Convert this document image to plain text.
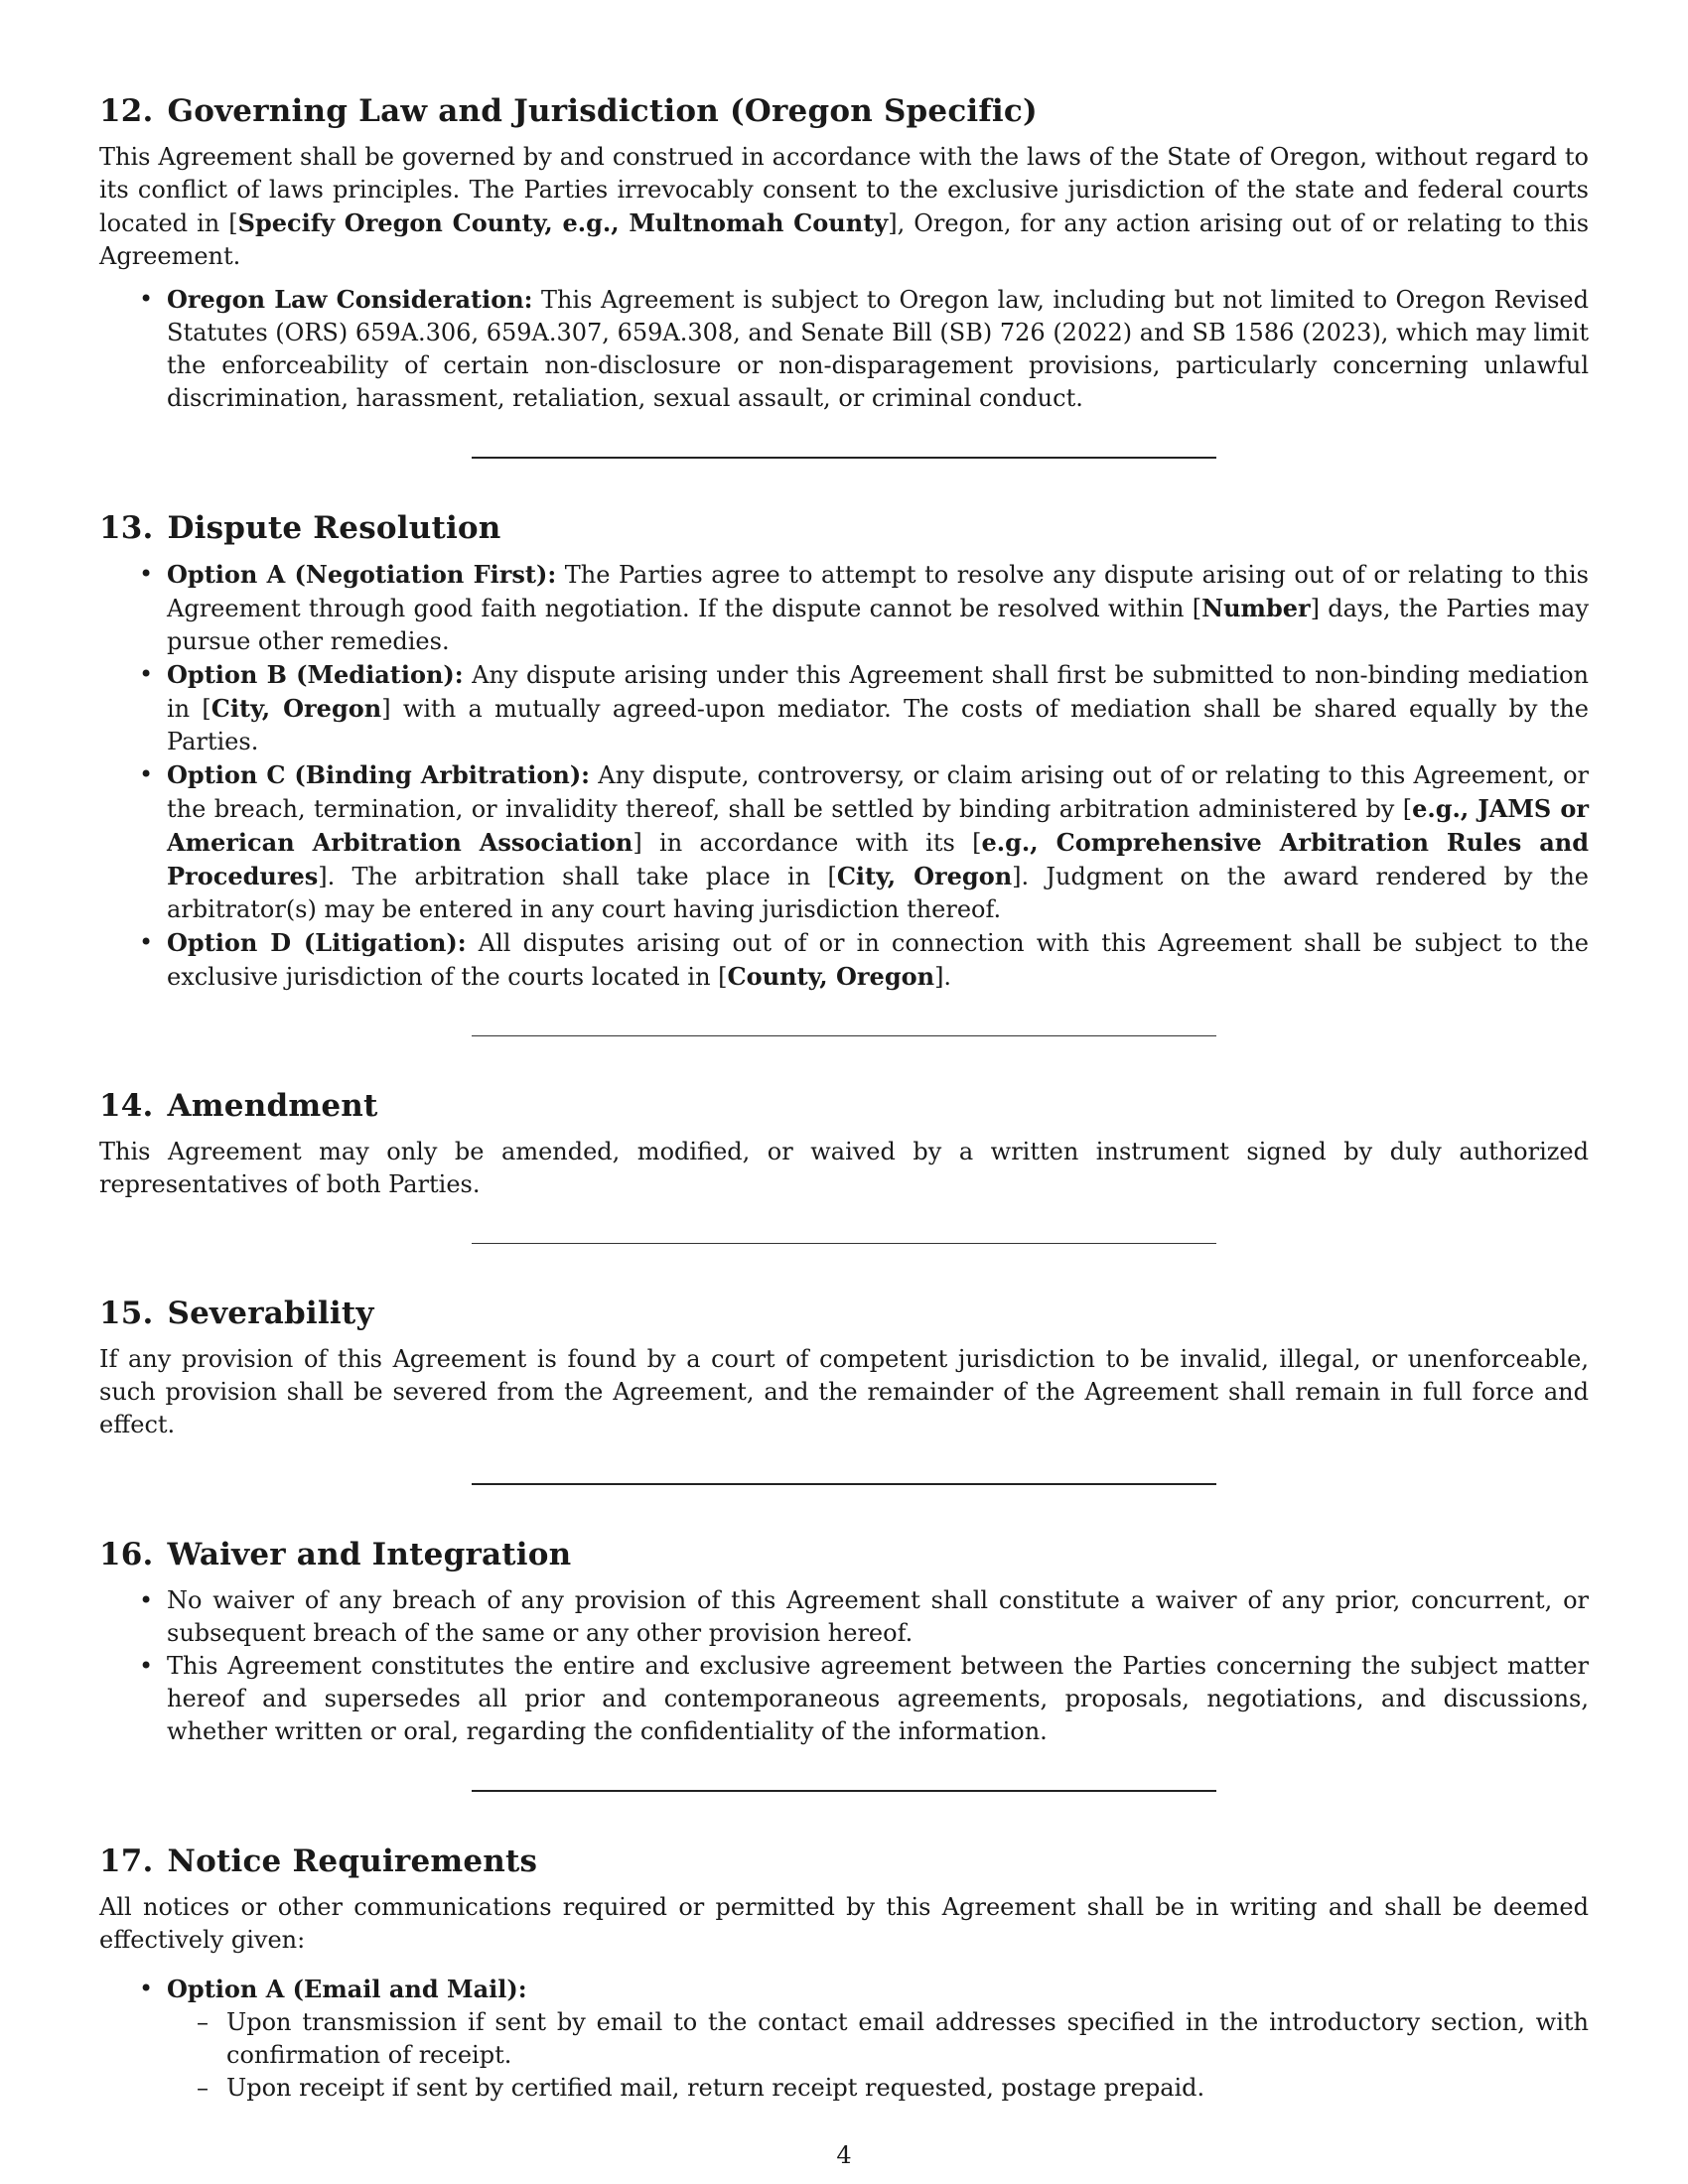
12. Governing Law and Jurisdiction (Oregon Specific)

This Agreement shall be governed by and construed in accordance with the laws of the State of Oregon, without regard to its conflict of laws principles. The Parties irrevocably consent to the exclusive jurisdiction of the state and federal courts located in [Specify Oregon County, e.g., Multnomah County], Oregon, for any action arising out of or relating to this Agreement.

• Oregon Law Consideration: This Agreement is subject to Oregon law, including but not limited to Oregon Revised Statutes (ORS) 659A.306, 659A.307, 659A.308, and Senate Bill (SB) 726 (2022) and SB 1586 (2023), which may limit the enforceability of certain non-disclosure or non-disparagement provisions, particularly concerning unlawful discrimination, harassment, retaliation, sexual assault, or criminal conduct.
13. Dispute Resolution
• Option A (Negotiation First): The Parties agree to attempt to resolve any dispute arising out of or relating to this Agreement through good faith negotiation. If the dispute cannot be resolved within [Number] days, the Parties may pursue other remedies.
• Option B (Mediation): Any dispute arising under this Agreement shall first be submitted to non-binding mediation in [City, Oregon] with a mutually agreed-upon mediator. The costs of mediation shall be shared equally by the Parties.
• Option C (Binding Arbitration): Any dispute, controversy, or claim arising out of or relating to this Agreement, or the breach, termination, or invalidity thereof, shall be settled by binding arbitration administered by [e.g., JAMS or American Arbitration Association] in accordance with its [e.g., Comprehensive Arbitration Rules and Procedures]. The arbitration shall take place in [City, Oregon]. Judgment on the award rendered by the arbitrator(s) may be entered in any court having jurisdiction thereof.
• Option D (Litigation): All disputes arising out of or in connection with this Agreement shall be subject to the exclusive jurisdiction of the courts located in [County, Oregon].
14. Amendment

This Agreement may only be amended, modified, or waived by a written instrument signed by duly authorized representatives of both Parties.

15. Severability

If any provision of this Agreement is found by a court of competent jurisdiction to be invalid, illegal, or unenforceable, such provision shall be severed from the Agreement, and the remainder of the Agreement shall remain in full force and effect.

16. Waiver and Integration
• No waiver of any breach of any provision of this Agreement shall constitute a waiver of any prior, concurrent, or subsequent breach of the same or any other provision hereof.
• This Agreement constitutes the entire and exclusive agreement between the Parties concerning the subject matter hereof and supersedes all prior and contemporaneous agreements, proposals, negotiations, and discussions, whether written or oral, regarding the confidentiality of the information.
17. Notice Requirements

All notices or other communications required or permitted by this Agreement shall be in writing and shall be deemed effectively given:

• Option A (Email and Mail):
– Upon transmission if sent by email to the contact email addresses specified in the introductory section, with confirmation of receipt.
– Upon receipt if sent by certified mail, return receipt requested, postage prepaid.
4
